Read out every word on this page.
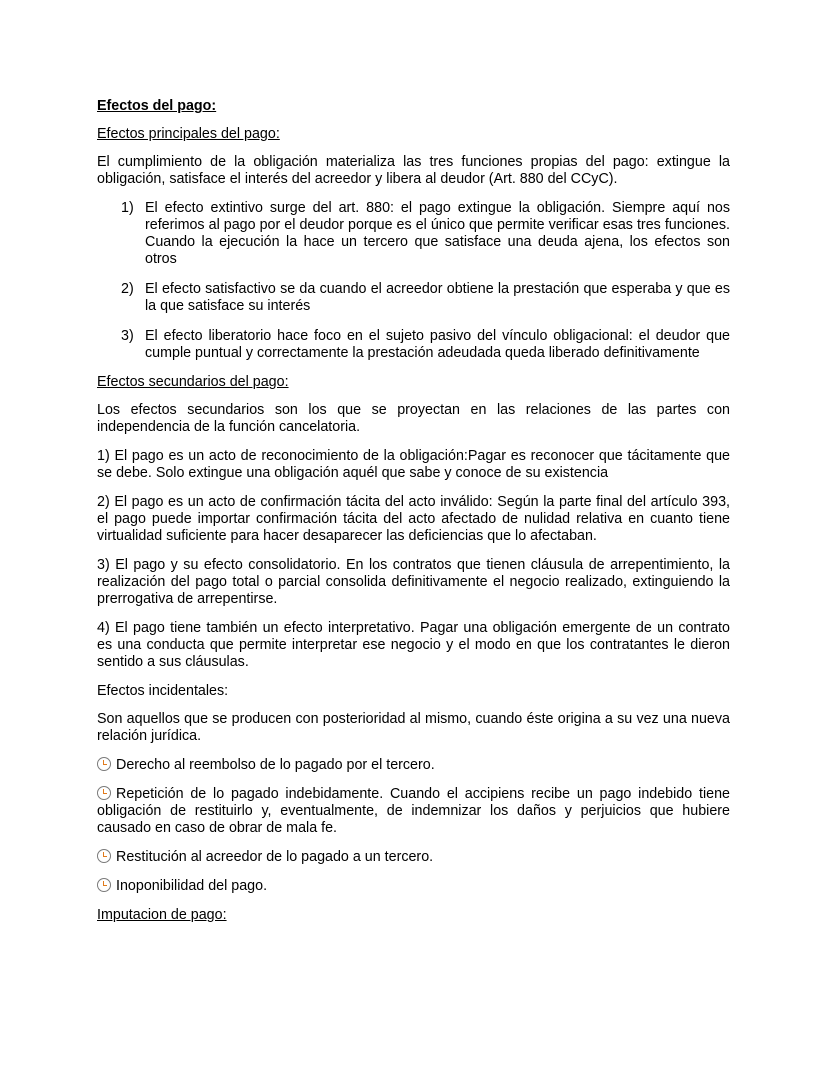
Efectos del pago:
Efectos principales del pago:

El cumplimiento de la obligación materializa las tres funciones propias del pago: extingue la obligación, satisface el interés del acreedor y libera al deudor (Art. 880 del CCyC).

1) El efecto extintivo surge del art. 880: el pago extingue la obligación. Siempre aquí nos referimos al pago por el deudor porque es el único que permite verificar esas tres funciones. Cuando la ejecución la hace un tercero que satisface una deuda ajena, los efectos son otros
2) El efecto satisfactivo se da cuando el acreedor obtiene la prestación que esperaba y que es la que satisface su interés
3) El efecto liberatorio hace foco en el sujeto pasivo del vínculo obligacional: el deudor que cumple puntual y correctamente la prestación adeudada queda liberado definitivamente
Efectos secundarios del pago:

Los efectos secundarios son los que se proyectan en las relaciones de las partes con independencia de la función cancelatoria.

1) El pago es un acto de reconocimiento de la obligación:Pagar es reconocer que tácitamente que se debe. Solo extingue una obligación aquél que sabe y conoce de su existencia

2) El pago es un acto de confirmación tácita del acto inválido: Según la parte final del artículo 393, el pago puede importar confirmación tácita del acto afectado de nulidad relativa en cuanto tiene virtualidad suficiente para hacer desaparecer las deficiencias que lo afectaban.

3) El pago y su efecto consolidatorio. En los contratos que tienen cláusula de arrepentimiento, la realización del pago total o parcial consolida definitivamente el negocio realizado, extinguiendo la prerrogativa de arrepentirse.

4) El pago tiene también un efecto interpretativo. Pagar una obligación emergente de un contrato es una conducta que permite interpretar ese negocio y el modo en que los contratantes le dieron sentido a sus cláusulas.

Efectos incidentales:

Son aquellos que se producen con posterioridad al mismo, cuando éste origina a su vez una nueva relación jurídica.

Derecho al reembolso de lo pagado por el tercero.

Repetición de lo pagado indebidamente. Cuando el accipiens recibe un pago indebido tiene obligación de restituirlo y, eventualmente, de indemnizar los daños y perjuicios que hubiere causado en caso de obrar de mala fe.

Restitución al acreedor de lo pagado a un tercero.

Inoponibilidad del pago.

Imputacion de pago:
